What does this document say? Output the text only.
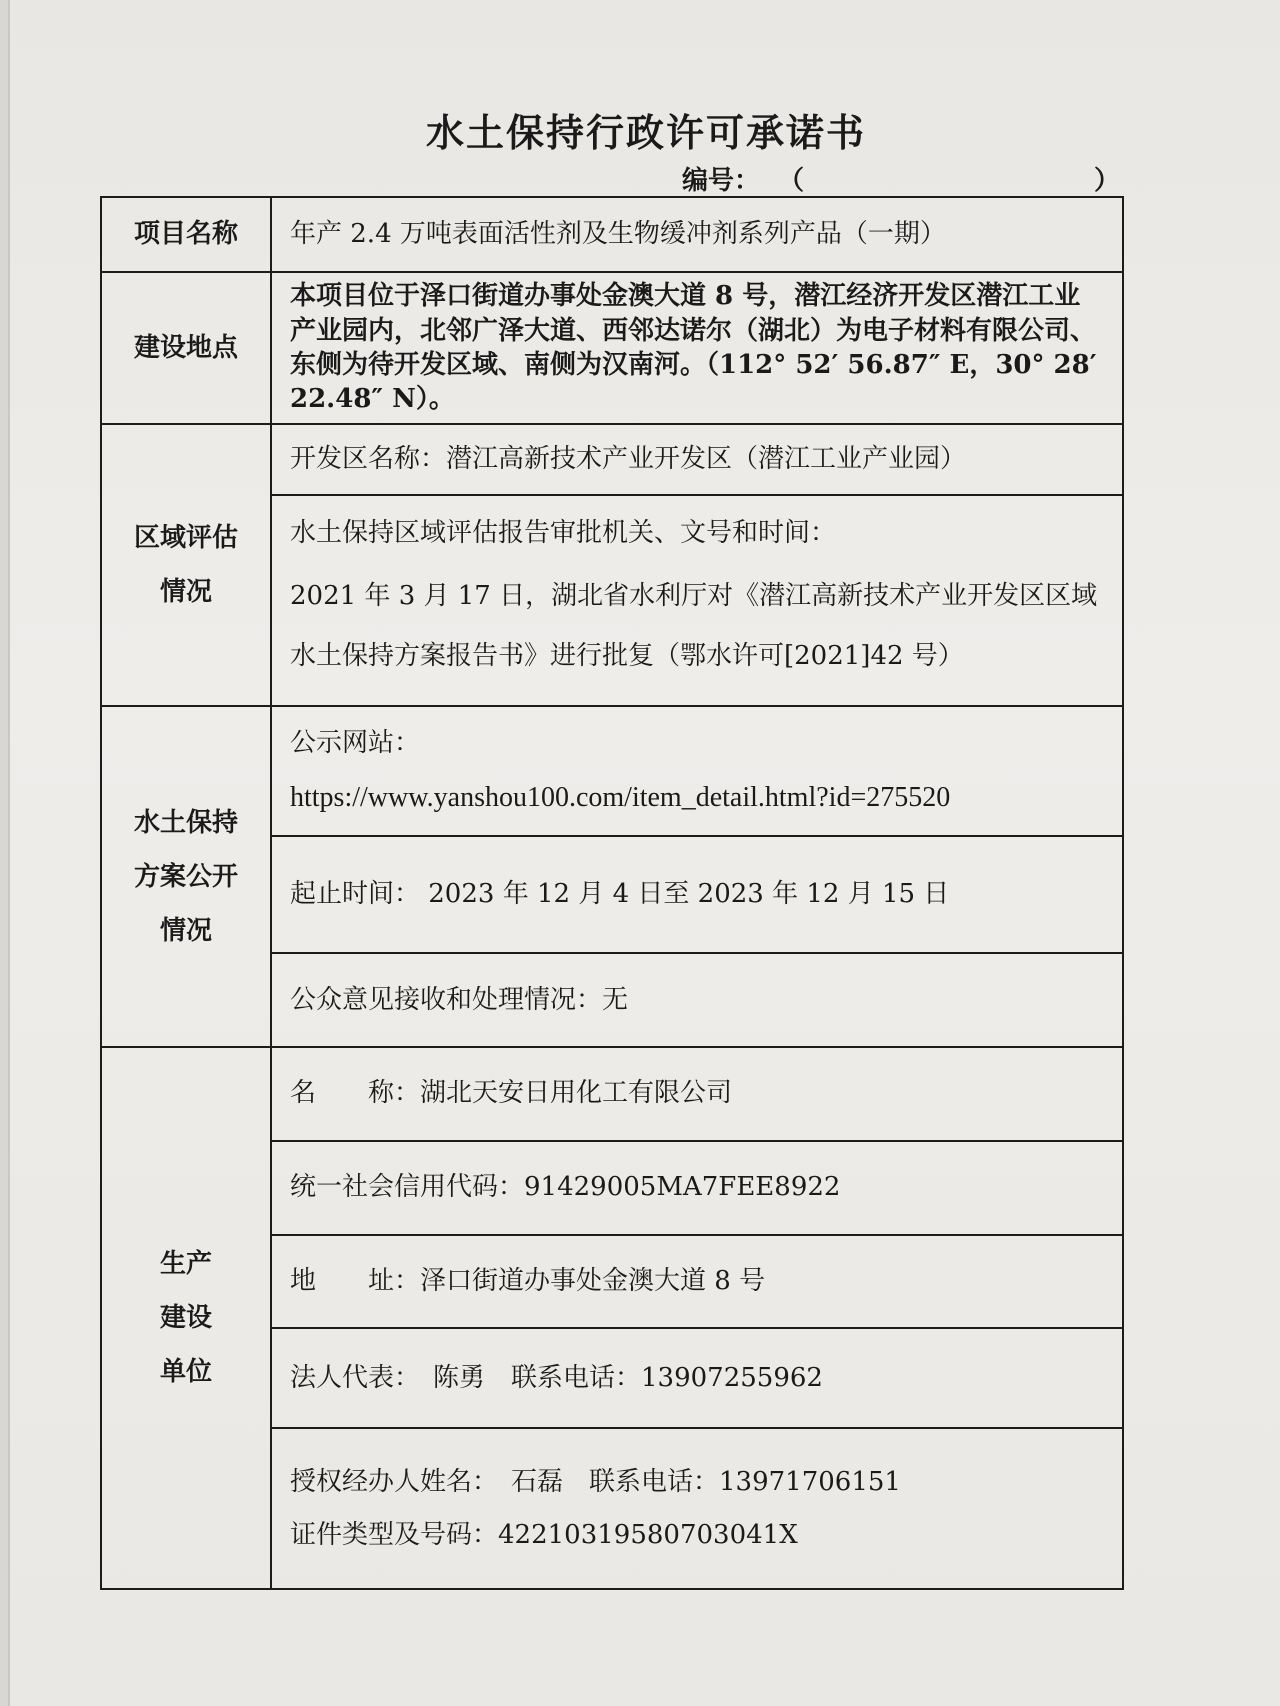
水土保持行政许可承诺书
编号： （	）
项目名称	年产 2.4 万吨表面活性剂及生物缓冲剂系列产品（一期）
建设地点	本项目位于泽口街道办事处金澳大道 8 号，潜江经济开发区潜江工业产业园内，北邻广泽大道、西邻达诺尔（湖北）为电子材料有限公司、东侧为待开发区域、南侧为汉南河。（112° 52′ 56.87″ E，30° 28′ 22.48″ N）。

区域评估
情况	开发区名称：潜江高新技术产业开发区（潜江工业产业园）

	水土保持区域评估报告审批机关、文号和时间：
2021 年 3 月 17 日，湖北省水利厅对《潜江高新技术产业开发区区域水土保持方案报告书》进行批复（鄂水许可[2021]42 号）

水土保持
方案公开
情况	公示网站：
https://www.yanshou100.com/item_detail.html?id=275520

	起止时间： 2023 年 12 月 4 日至 2023 年 12 月 15 日
	公众意见接收和处理情况：无

生产
建设
单位	名　　称：湖北天安日用化工有限公司
	统一社会信用代码：91429005MA7FEE8922
	地　　址：泽口街道办事处金澳大道 8 号
	法人代表：　陈勇　联系电话：13907255962

	授权经办人姓名：　石磊　联系电话：13971706151
证件类型及号码：42210319580703041X
